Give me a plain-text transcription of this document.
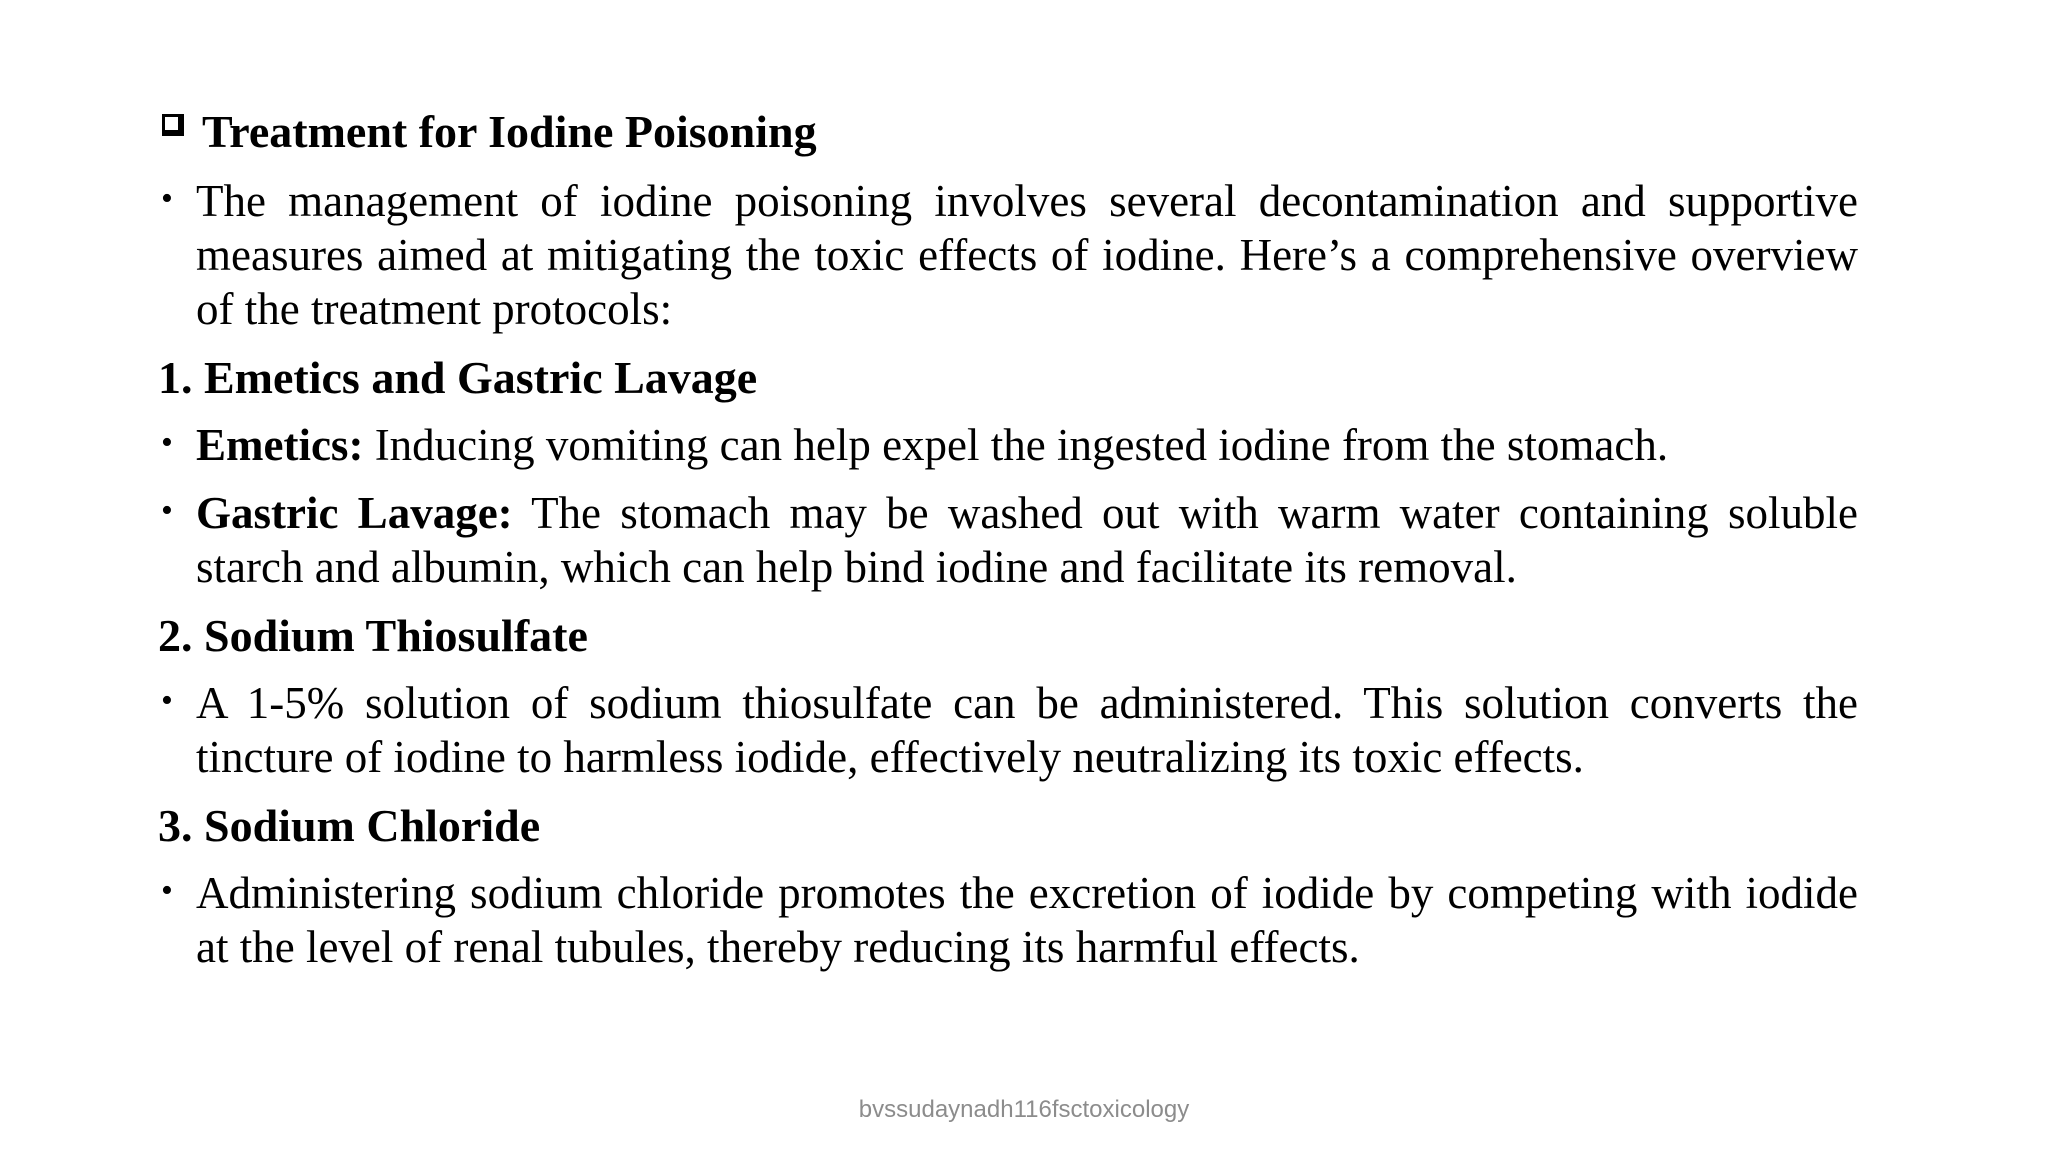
Treatment for Iodine Poisoning
• The management of iodine poisoning involves several decontamination and supportive measures aimed at mitigating the toxic effects of iodine. Here’s a comprehensive overview of the treatment protocols:
1. Emetics and Gastric Lavage
• Emetics: Inducing vomiting can help expel the ingested iodine from the stomach.
• Gastric Lavage: The stomach may be washed out with warm water containing soluble starch and albumin, which can help bind iodine and facilitate its removal.
2. Sodium Thiosulfate
• A 1-5% solution of sodium thiosulfate can be administered. This solution converts the tincture of iodine to harmless iodide, effectively neutralizing its toxic effects.
3. Sodium Chloride
• Administering sodium chloride promotes the excretion of iodide by competing with iodide at the level of renal tubules, thereby reducing its harmful effects.
bvssudaynadh116fsctoxicology
